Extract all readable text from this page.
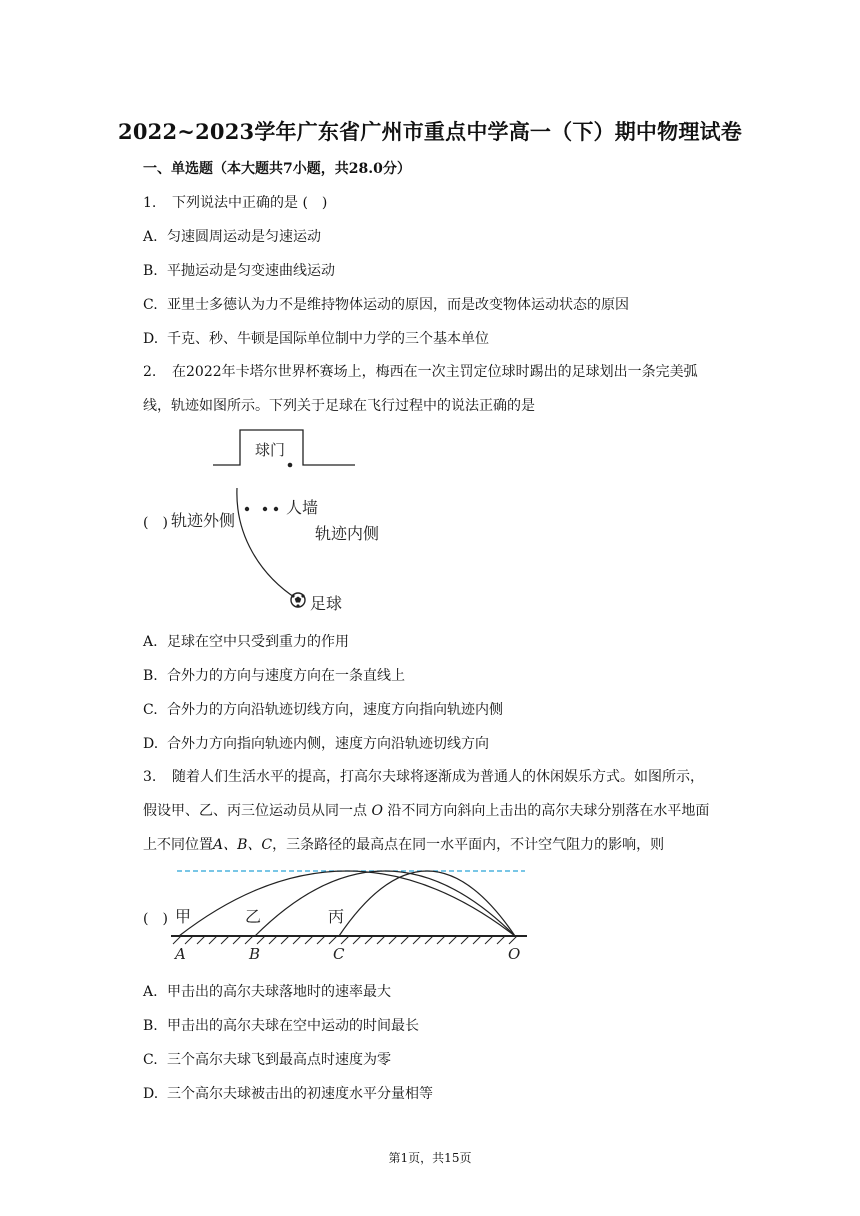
2022~2023学年广东省广州市重点中学高一（下）期中物理试卷
一、单选题（本大题共7小题，共28.0分）
1. 下列说法中正确的是 (　)
A. 匀速圆周运动是匀速运动
B. 平抛运动是匀变速曲线运动
C. 亚里士多德认为力不是维持物体运动的原因，而是改变物体运动状态的原因
D. 千克、秒、牛顿是国际单位制中力学的三个基本单位
2. 在2022年卡塔尔世界杯赛场上，梅西在一次主罚定位球时踢出的足球划出一条完美弧
线，轨迹如图所示。下列关于足球在飞行过程中的说法正确的是
(　)
球门
人墙
轨迹外侧
轨迹内侧
足球
A. 足球在空中只受到重力的作用
B. 合外力的方向与速度方向在一条直线上
C. 合外力的方向沿轨迹切线方向，速度方向指向轨迹内侧
D. 合外力方向指向轨迹内侧，速度方向沿轨迹切线方向
3. 随着人们生活水平的提高，打高尔夫球将逐渐成为普通人的休闲娱乐方式。如图所示，
假设甲、乙、丙三位运动员从同一点 O 沿不同方向斜向上击出的高尔夫球分别落在水平地面
上不同位置A、B、C，三条路径的最高点在同一水平面内，不计空气阻力的影响，则
(　) 甲	乙	丙
A	B	C	O
A. 甲击出的高尔夫球落地时的速率最大
B. 甲击出的高尔夫球在空中运动的时间最长
C. 三个高尔夫球飞到最高点时速度为零
D. 三个高尔夫球被击出的初速度水平分量相等
第1页，共15页
